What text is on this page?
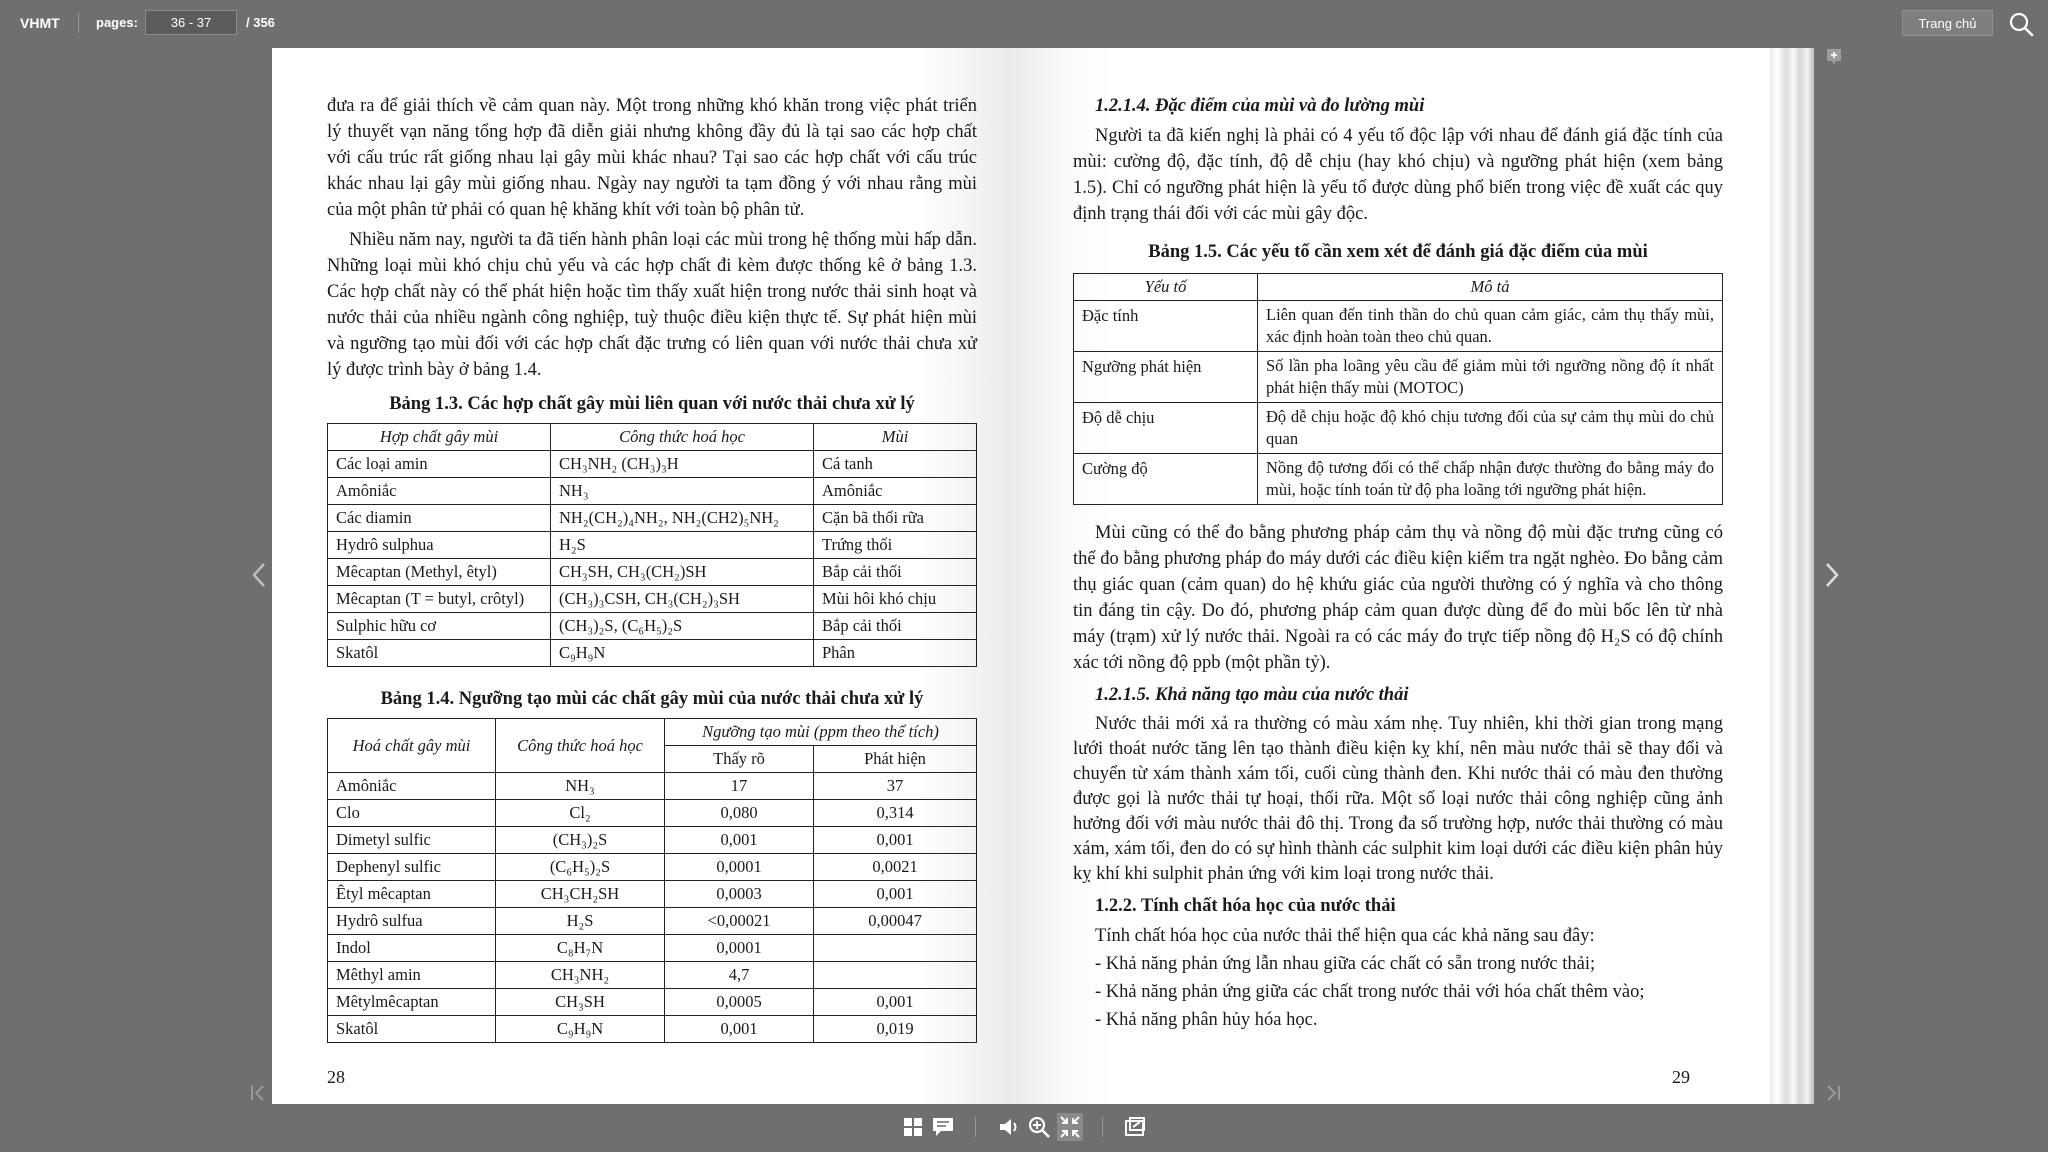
VHMT	pages:
36 - 37	/ 356	Trang chủ

đưa ra để giải thích về cảm quan này. Một trong những khó khăn trong việc phát triển lý thuyết vạn năng tổng hợp đã diễn giải nhưng không đầy đủ là tại sao các hợp chất với cấu trúc rất giống nhau lại gây mùi khác nhau? Tại sao các hợp chất với cấu trúc khác nhau lại gây mùi giống nhau. Ngày nay người ta tạm đồng ý với nhau rằng mùi của một phân tử phải có quan hệ khăng khít với toàn bộ phân tử.

Nhiều năm nay, người ta đã tiến hành phân loại các mùi trong hệ thống mùi hấp dẫn. Những loại mùi khó chịu chủ yếu và các hợp chất đi kèm được thống kê ở bảng 1.3. Các hợp chất này có thể phát hiện hoặc tìm thấy xuất hiện trong nước thải sinh hoạt và nước thải của nhiều ngành công nghiệp, tuỳ thuộc điều kiện thực tế. Sự phát hiện mùi và ngưỡng tạo mùi đối với các hợp chất đặc trưng có liên quan với nước thải chưa xử lý được trình bày ở bảng 1.4.

Bảng 1.3. Các hợp chất gây mùi liên quan với nước thải chưa xử lý
Hợp chất gây mùi	Công thức hoá học	Mùi
Các loại amin	CH₃NH₂ (CH₃)₃H	Cá tanh
Amôniắc	NH₃	Amôniắc
Các diamin	NH₂(CH₂)₄NH₂, NH₂(CH2)₅NH₂	Cặn bã thối rữa
Hydrô sulphua	H₂S	Trứng thối
Mêcaptan (Methyl, êtyl)	CH₃SH, CH₃(CH₂)SH	Bắp cải thối
Mêcaptan (T = butyl, crôtyl)	(CH₃)₃CSH, CH₃(CH₂)₃SH	Mùi hôi khó chịu
Sulphic hữu cơ	(CH₃)₂S, (C₆H₅)₂S	Bắp cải thối
Skatôl	C₉H₉N	Phân
Bảng 1.4. Ngưỡng tạo mùi các chất gây mùi của nước thải chưa xử lý
Hoá chất gây mùi	Công thức hoá học	Ngưỡng tạo mùi (ppm theo thể tích)	
		Thấy rõ	Phát hiện
Amôniắc	NH₃	17	37
Clo	Cl₂	0,080	0,314
Dimetyl sulfic	(CH₃)₂S	0,001	0,001
Dephenyl sulfic	(C₆H₅)₂S	0,0001	0,0021
Êtyl mêcaptan	CH₃CH₂SH	0,0003	0,001
Hydrô sulfua	H₂S	<0,00021	0,00047
Indol	C₈H₇N	0,0001	
Mêthyl amin	CH₃NH₂	4,7	
Mêtylmêcaptan	CH₃SH	0,0005	0,001
Skatôl	C₉H₉N	0,001	0,019
28

1.2.1.4. Đặc điểm của mùi và đo lường mùi

Người ta đã kiến nghị là phải có 4 yếu tố độc lập với nhau để đánh giá đặc tính của mùi: cường độ, đặc tính, độ dễ chịu (hay khó chịu) và ngưỡng phát hiện (xem bảng 1.5). Chỉ có ngưỡng phát hiện là yếu tố được dùng phổ biến trong việc đề xuất các quy định trạng thái đối với các mùi gây độc.

Bảng 1.5. Các yếu tố cần xem xét để đánh giá đặc điểm của mùi
Yếu tố	Mô tả
Đặc tính	Liên quan đến tinh thần do chủ quan cảm giác, cảm thụ thấy mùi, xác định hoàn toàn theo chủ quan.
Ngưỡng phát hiện	Số lần pha loãng yêu cầu để giảm mùi tới ngưỡng nồng độ ít nhất phát hiện thấy mùi (MOTOC)
Độ dễ chịu	Độ dễ chịu hoặc độ khó chịu tương đối của sự cảm thụ mùi do chủ quan
Cường độ	Nồng độ tương đối có thể chấp nhận được thường đo bằng máy đo mùi, hoặc tính toán từ độ pha loãng tới ngưỡng phát hiện.

Mùi cũng có thể đo bằng phương pháp cảm thụ và nồng độ mùi đặc trưng cũng có thể đo bằng phương pháp đo máy dưới các điều kiện kiểm tra ngặt nghèo. Đo bằng cảm thụ giác quan (cảm quan) do hệ khứu giác của người thường có ý nghĩa và cho thông tin đáng tin cậy. Do đó, phương pháp cảm quan được dùng để đo mùi bốc lên từ nhà máy (trạm) xử lý nước thải. Ngoài ra có các máy đo trực tiếp nồng độ H₂S có độ chính xác tới nồng độ ppb (một phần tỷ).

1.2.1.5. Khả năng tạo màu của nước thải

Nước thải mới xả ra thường có màu xám nhẹ. Tuy nhiên, khi thời gian trong mạng lưới thoát nước tăng lên tạo thành điều kiện kỵ khí, nên màu nước thải sẽ thay đổi và chuyển từ xám thành xám tối, cuối cùng thành đen. Khi nước thải có màu đen thường được gọi là nước thải tự hoại, thối rữa. Một số loại nước thải công nghiệp cũng ảnh hưởng đối với màu nước thải đô thị. Trong đa số trường hợp, nước thải thường có màu xám, xám tối, đen do có sự hình thành các sulphit kim loại dưới các điều kiện phân hủy kỵ khí khi sulphit phản ứng với kim loại trong nước thải.

1.2.2. Tính chất hóa học của nước thải

Tính chất hóa học của nước thải thể hiện qua các khả năng sau đây:

- Khả năng phản ứng lẫn nhau giữa các chất có sẵn trong nước thải;

- Khả năng phản ứng giữa các chất trong nước thải với hóa chất thêm vào;

- Khả năng phân hủy hóa học.

29
